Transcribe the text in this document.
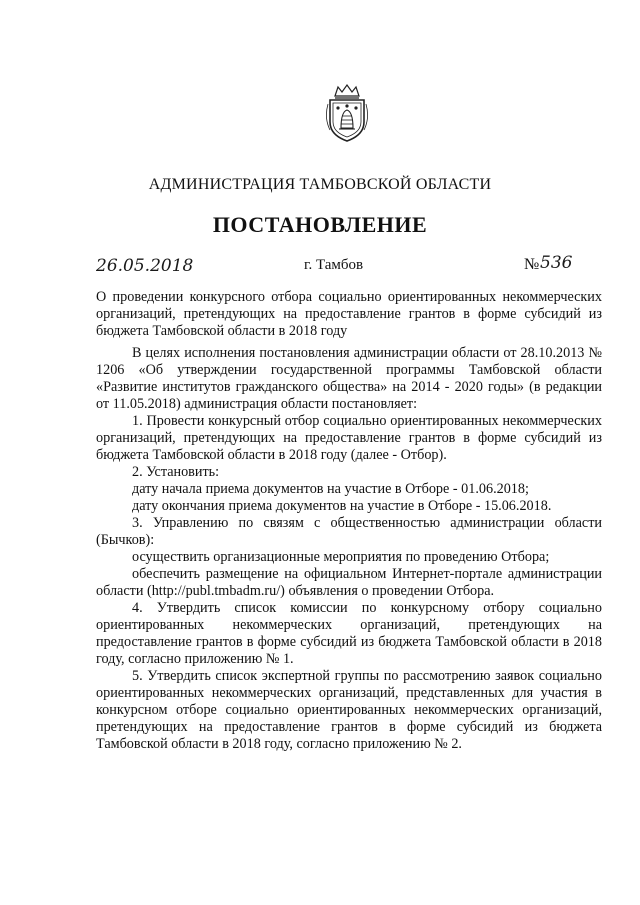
АДМИНИСТРАЦИЯ ТАМБОВСКОЙ ОБЛАСТИ
ПОСТАНОВЛЕНИЕ
26.05.2018	г. Тамбов	№ 536
О проведении конкурсного отбора социально ориентированных некоммерческих организаций, претендующих на предоставление грантов в форме субсидий из бюджета Тамбовской области в 2018 году

В целях исполнения постановления администрации области от 28.10.2013 № 1206 «Об утверждении государственной программы Тамбовской области «Развитие институтов гражданского общества» на 2014 - 2020 годы» (в редакции от 11.05.2018) администрация области постановляет:

1. Провести конкурсный отбор социально ориентированных некоммерческих организаций, претендующих на предоставление грантов в форме субсидий из бюджета Тамбовской области в 2018 году (далее - Отбор).

2. Установить:

дату начала приема документов на участие в Отборе - 01.06.2018;

дату окончания приема документов на участие в Отборе - 15.06.2018.

3. Управлению по связям с общественностью администрации области (Бычков):

осуществить организационные мероприятия по проведению Отбора;

обеспечить размещение на официальном Интернет-портале администрации области (http://publ.tmbadm.ru/) объявления о проведении Отбора.

4. Утвердить список комиссии по конкурсному отбору социально ориентированных некоммерческих организаций, претендующих на предоставление грантов в форме субсидий из бюджета Тамбовской области в 2018 году, согласно приложению № 1.

5. Утвердить список экспертной группы по рассмотрению заявок социально ориентированных некоммерческих организаций, представленных для участия в конкурсном отборе социально ориентированных некоммерческих организаций, претендующих на предоставление грантов в форме субсидий из бюджета Тамбовской области в 2018 году, согласно приложению № 2.
